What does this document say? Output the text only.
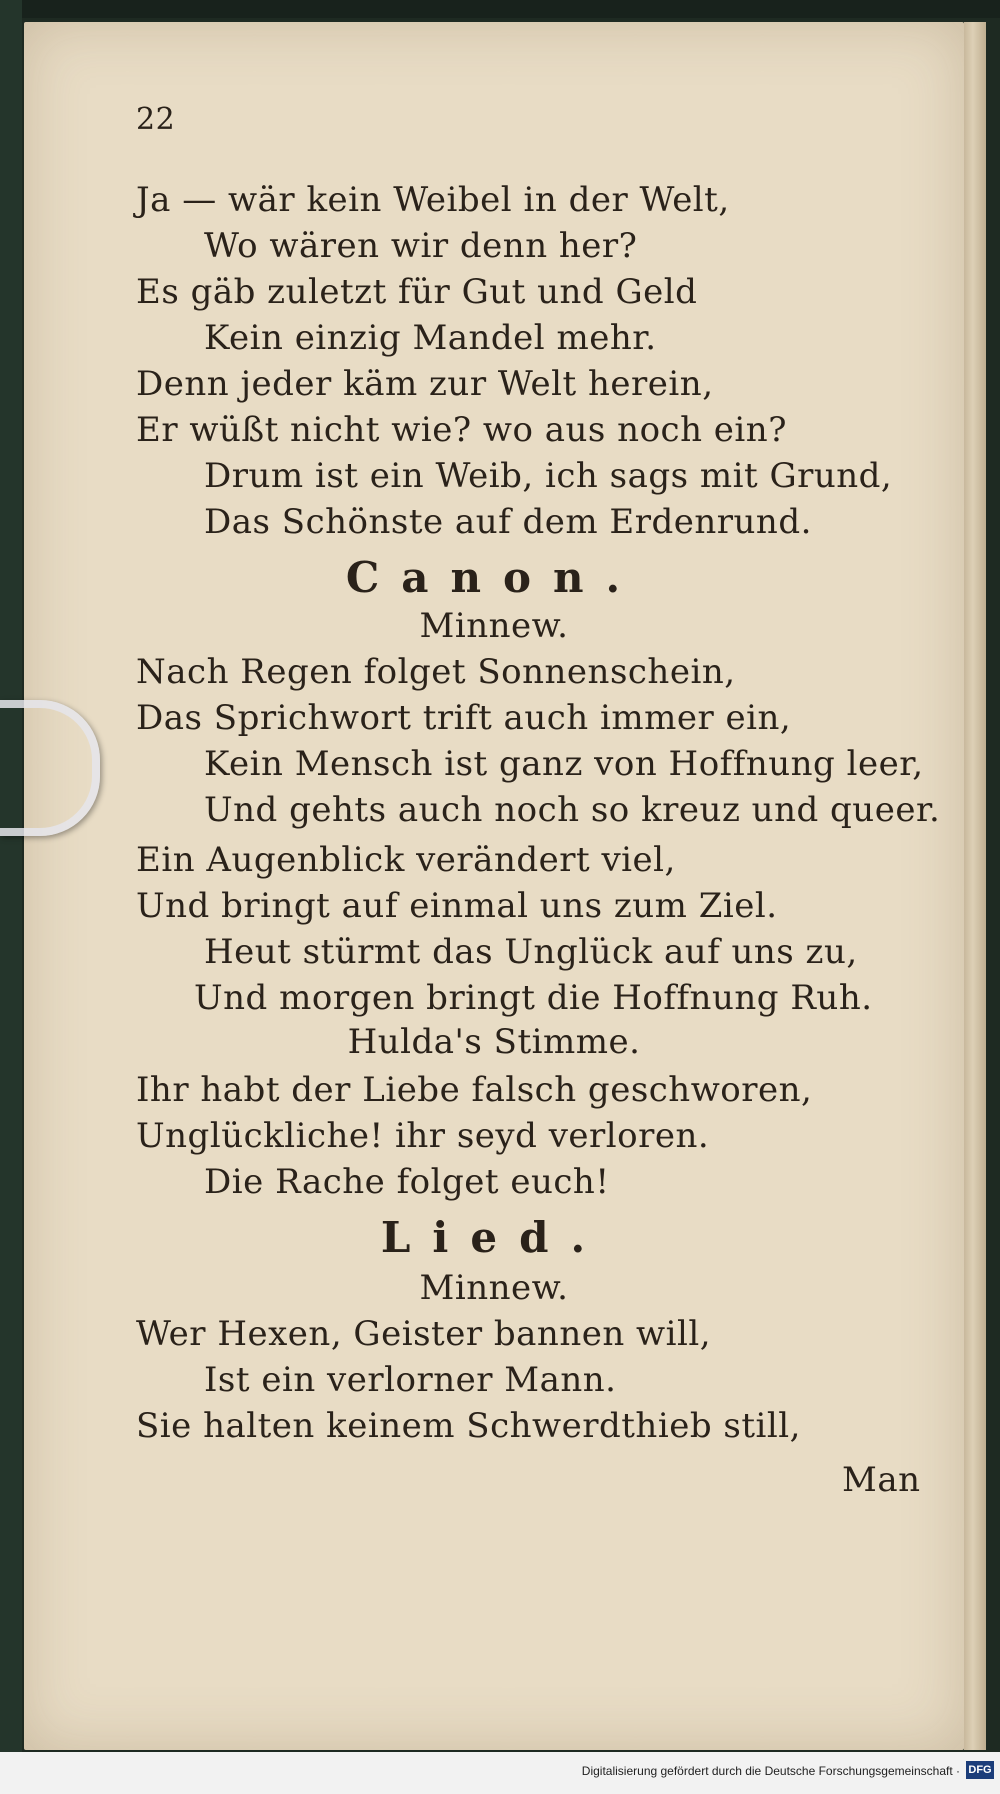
22
Ja — wär kein Weibel in der Welt,
Wo wären wir denn her?
Es gäb zuletzt für Gut und Geld
Kein einzig Mandel mehr.
Denn jeder käm zur Welt herein,
Er wüßt nicht wie? wo aus noch ein?
Drum ist ein Weib, ich sags mit Grund,
Das Schönste auf dem Erdenrund.
Canon.
Minnew.
Nach Regen folget Sonnenschein,
Das Sprichwort trift auch immer ein,
Kein Mensch ist ganz von Hoffnung leer,
Und gehts auch noch so kreuz und queer.
Ein Augenblick verändert viel,
Und bringt auf einmal uns zum Ziel.
Heut stürmt das Unglück auf uns zu,
Und morgen bringt die Hoffnung Ruh.
Hulda's Stimme.
Ihr habt der Liebe falsch geschworen,
Unglückliche! ihr seyd verloren.
Die Rache folget euch!
Lied.
Minnew.
Wer Hexen, Geister bannen will,
Ist ein verlorner Mann.
Sie halten keinem Schwerdthieb still,
Man
Digitalisierung gefördert durch die Deutsche Forschungsgemeinschaft · DFG
